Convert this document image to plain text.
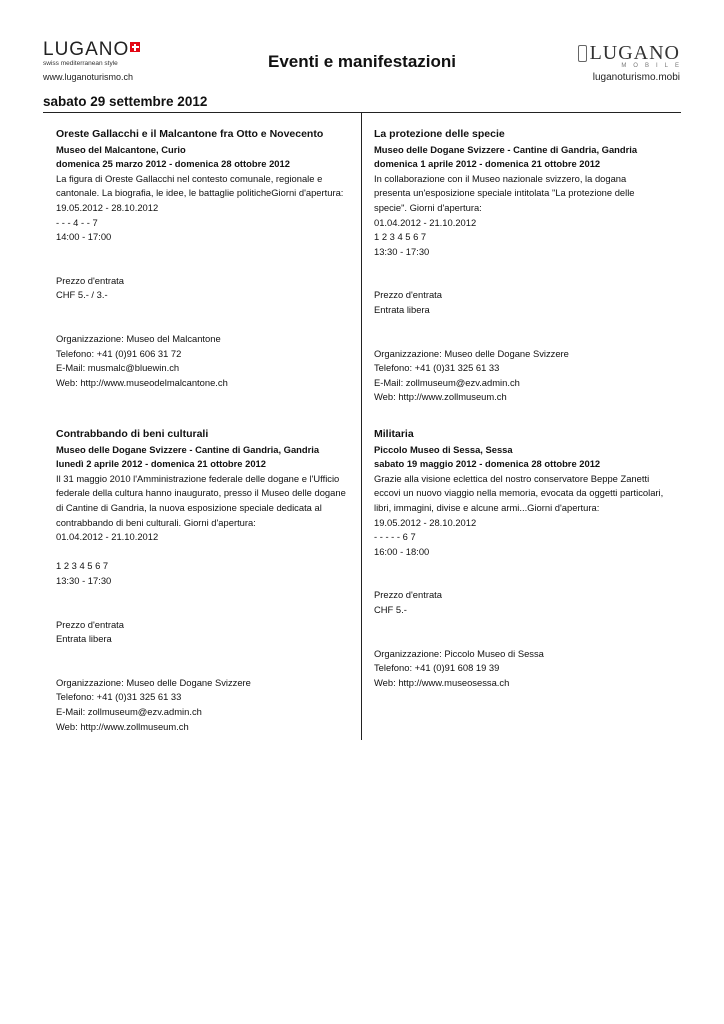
LUGANO
swiss mediterranean style
www.luganoturismo.ch
Eventi e manifestazioni	LUGANO
MOBILE
luganoturismo.mobi
sabato 29 settembre 2012
Oreste Gallacchi e il Malcantone fra Otto e Novecento
Museo del Malcantone, Curio
domenica 25 marzo 2012 - domenica 28 ottobre 2012
La figura di Oreste Gallacchi nel contesto comunale, regionale e cantonale. La biografia, le idee, le battaglie politicheGiorni d'apertura:
19.05.2012 - 28.10.2012
- - - 4 - - 7
14:00 - 17:00
Prezzo d'entrata
CHF 5.- / 3.-
Organizzazione: Museo del Malcantone
Telefono: +41 (0)91 606 31 72
E-Mail: musmalc@bluewin.ch
Web: http://www.museodelmalcantone.ch
La protezione delle specie
Museo delle Dogane Svizzere - Cantine di Gandria, Gandria
domenica 1 aprile 2012 - domenica 21 ottobre 2012
In collaborazione con il Museo nazionale svizzero, la dogana presenta un'esposizione speciale intitolata "La protezione delle specie". Giorni d'apertura:
01.04.2012 - 21.10.2012
1 2 3 4 5 6 7
13:30 - 17:30
Prezzo d'entrata
Entrata libera
Organizzazione: Museo delle Dogane Svizzere
Telefono: +41 (0)31 325 61 33
E-Mail: zollmuseum@ezv.admin.ch
Web: http://www.zollmuseum.ch
Contrabbando di beni culturali
Museo delle Dogane Svizzere - Cantine di Gandria, Gandria
lunedì 2 aprile 2012 - domenica 21 ottobre 2012
Il 31 maggio 2010 l'Amministrazione federale delle dogane e l'Ufficio federale della cultura hanno inaugurato, presso il Museo delle dogane di Cantine di Gandria, la nuova esposizione speciale dedicata al contrabbando di beni culturali. Giorni d'apertura:
01.04.2012 - 21.10.2012
1 2 3 4 5 6 7
13:30 - 17:30
Prezzo d'entrata
Entrata libera
Organizzazione: Museo delle Dogane Svizzere
Telefono: +41 (0)31 325 61 33
E-Mail: zollmuseum@ezv.admin.ch
Web: http://www.zollmuseum.ch
Militaria
Piccolo Museo di Sessa, Sessa
sabato 19 maggio 2012 - domenica 28 ottobre 2012
Grazie alla visione eclettica del nostro conservatore Beppe Zanetti eccovi un nuovo viaggio nella memoria, evocata da oggetti particolari, libri, immagini, divise e alcune armi...Giorni d'apertura:
19.05.2012 - 28.10.2012
- - - - - 6 7
16:00 - 18:00
Prezzo d'entrata
CHF 5.-
Organizzazione: Piccolo Museo di Sessa
Telefono: +41 (0)91 608 19 39
Web: http://www.museosessa.ch
